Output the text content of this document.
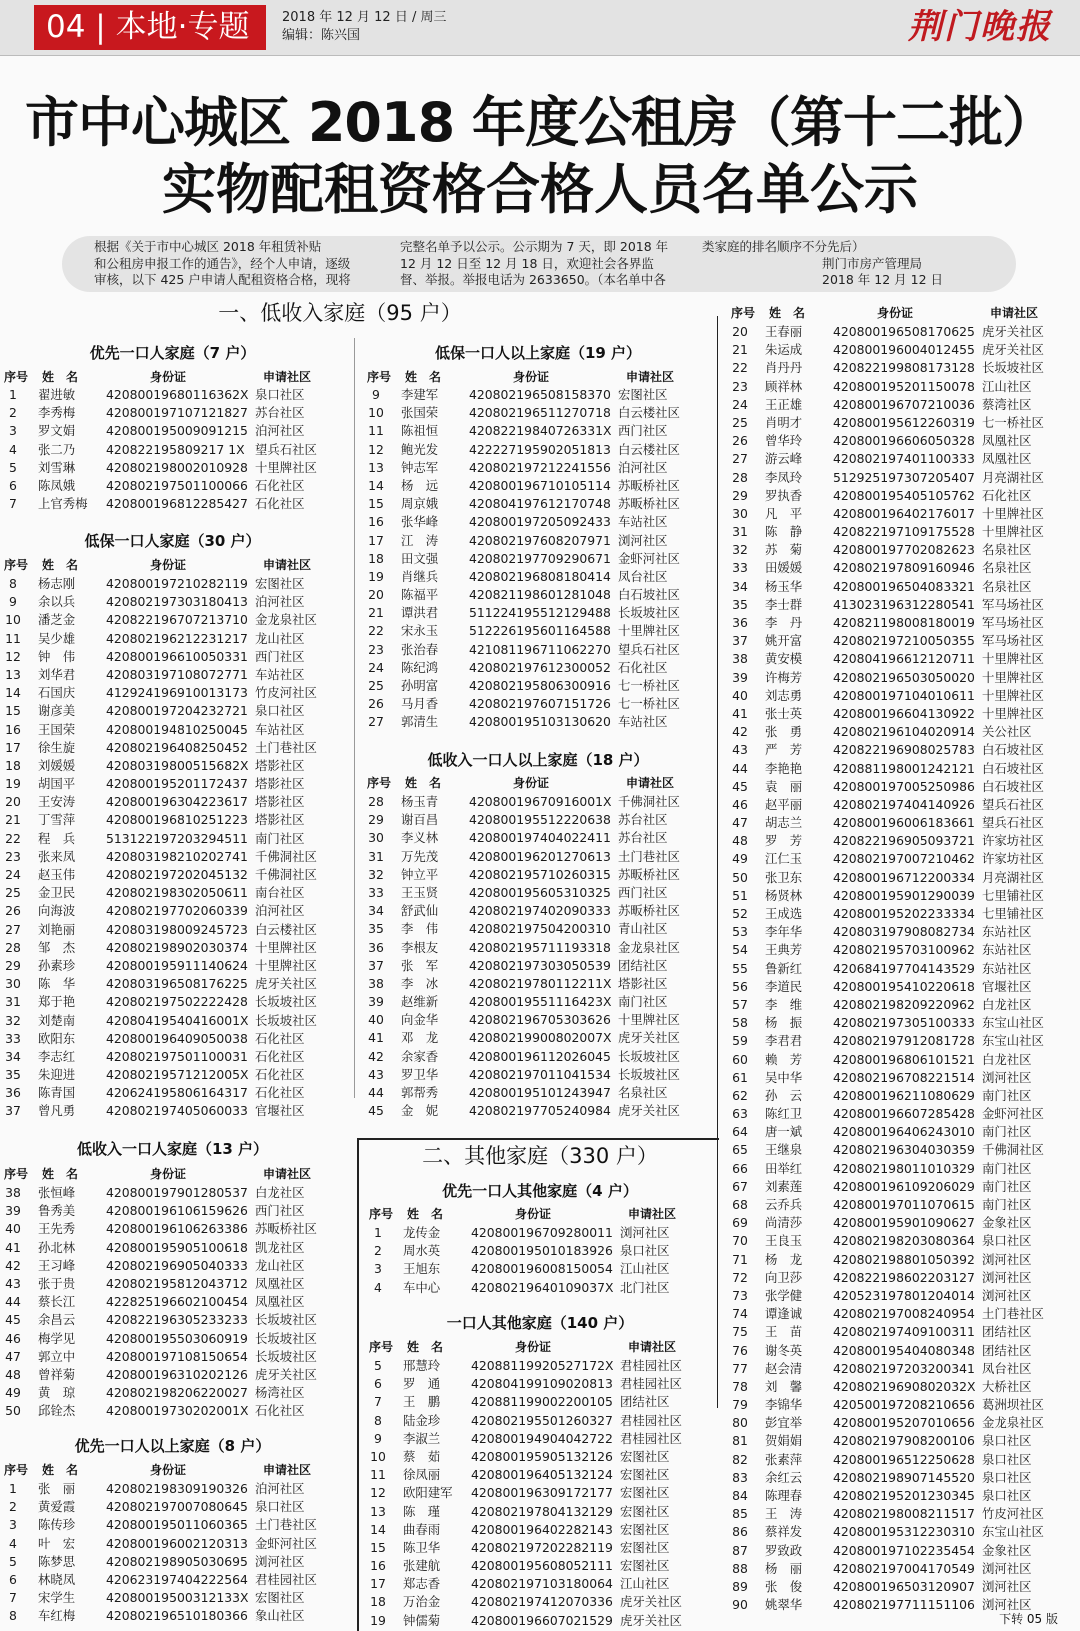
04 | 本地·专题	2018 年 12 月 12 日 / 周三
编辑：陈兴国	荆门晚报
市中心城区 2018 年度公租房（第十二批）
实物配租资格合格人员名单公示
根据《关于市中心城区 2018 年租赁补贴
和公租房申报工作的通告》，经个人申请，逐级
审核，以下 425 户申请人配租资格合格，现将
完整名单予以公示。公示期为 7 天，即 2018 年
12 月 12 日至 12 月 18 日，欢迎社会各界监
督、举报。举报电话为 2633650。（本名单中各
类家庭的排名顺序不分先后）
荆门市房产管理局
2018 年 12 月 12 日
一、低收入家庭（95 户）
二、其他家庭（330 户）
优先一口人家庭（7 户）
序号 姓　名	身份证	申请社区
1	翟进敏 42080019680116362X 泉口社区
2	李秀梅 420800197107121827 苏台社区
3	罗文娟 420800195009091215 泊河社区
4	张二乃 420822195809217 1X 望兵石社区
5	刘雪琳 420802198002010928 十里牌社区
6	陈凤娥 420802197501100066 石化社区
7	上官秀梅 420800196812285427 石化社区
低保一口人家庭（30 户）
序号 姓　名	身份证	申请社区
8	杨志刚 420800197210282119 宏图社区
9	余以兵 420802197303180413 泊河社区
10	潘芝金 420822196707213710 金龙泉社区
11	吴少雄 420802196212231217 龙山社区
12	钟　伟 420800196610050331 西门社区
13	刘华君 420803197108072771 车站社区
14	石国庆 412924196910013173 竹皮河社区
15	谢彦美 420800197204232721 泉口社区
16	王国荣 420800194810250045 车站社区
17	徐生旋 420802196408250452 土门巷社区
18	刘媛媛 42080319800515682X 塔影社区
19	胡国平 420800195201172437 塔影社区
20	王安涛 420800196304223617 塔影社区
21	丁雪萍 420800196810251223 塔影社区
22	程　兵 513122197203294511 南门社区
23	张来凤 420803198210202741 千佛洞社区
24	赵玉伟 420802197202045132 千佛洞社区
25	金卫民 420802198302050611 南台社区
26	向海波 420802197702060339 泊河社区
27	刘艳丽 420803198009245723 白云楼社区
28	邹　杰 420802198902030374 十里牌社区
29	孙素珍 420800195911140624 十里牌社区
30	陈　华 420803196508176225 虎牙关社区
31	郑于艳 420802197502222428 长坂坡社区
32	刘楚南 42080419540416001X 长坂坡社区
33	欧阳东 420800196409050038 石化社区
34	李志红 420802197501100031 石化社区
35	朱迎进 42080219571212005X 石化社区
36	陈青国 420624195806164317 石化社区
37	曾凡勇 420802197405060033 官堰社区
低收入一口人家庭（13 户）
序号 姓　名	身份证	申请社区
38	张恒峰 420800197901280537 白龙社区
39	鲁秀美 420800196106159626 西门社区
40	王先秀 420800196106263386 苏畈桥社区
41	孙北林 420800195905100618 凯龙社区
42	王习峰 420802196905040333 龙山社区
43	张于贵 420802195812043712 凤凰社区
44	蔡长江 422825196602100454 凤凰社区
45	余昌云 420822196305233233 长坂坡社区
46	梅学见 420800195503060919 长坂坡社区
47	郭立中 420800197108150654 长坂坡社区
48	曾祥菊 420800196310202126 虎牙关社区
49	黄　琼 420802198206220027 杨湾社区
50	邱铨杰 42080019730202001X 石化社区
优先一口人以上家庭（8 户）
序号 姓　名	身份证	申请社区
1	张　丽 420802198309190326 泊河社区
2	黄爱霞 420802197007080645 泉口社区
3	陈传珍 420800195011060365 土门巷社区
4	叶　宏 420800196002120313 金虾河社区
5	陈梦思 420802198905030695 浏河社区
6	林晓凤 420623197404222564 君桂园社区
7	宋学生 42080019500312133X 宏图社区
8	车红梅 420802196510180366 象山社区
低保一口人以上家庭（19 户）
序号 姓　名	身份证	申请社区
9	李建军 420802196508158370 宏图社区
10	张国荣 420802196511270718 白云楼社区
11	陈祖恒 42082219840726331X 西门社区
12	鲍光发 422227195902051813 白云楼社区
13	钟志军 420802197212241556 泊河社区
14	杨　远 420800196710105114 苏畈桥社区
15	周京娥 420804197612170748 苏畈桥社区
16	张华峰 420800197205092433 车站社区
17	江　涛 420802197608207971 浏河社区
18	田文强 420802197709290671 金虾河社区
19	肖继兵 420802196808180414 凤台社区
20	陈福平 420821198601281048 白石坡社区
21	谭洪君 511224195512129488 长坂坡社区
22	宋永玉 512226195601164588 十里牌社区
23	张治春 421081196711062270 望兵石社区
24	陈纪鸿 420802197612300052 石化社区
25	孙明富 420802195806300916 七一桥社区
26	马月香 420802197607151726 七一桥社区
27	郭清生 420800195103130620 车站社区
低收入一口人以上家庭（18 户）
序号 姓　名	身份证	申请社区
28	杨玉青 42080019670916001X 千佛洞社区
29	谢百昌 420800195512220638 苏台社区
30	李义林 420800197404022411 苏台社区
31	万先茂 420800196201270613 土门巷社区
32	钟立平 420802195710260315 苏畈桥社区
33	王玉贤 420800195605310325 西门社区
34	舒武仙 420802197402090333 苏畈桥社区
35	李　伟 420802197504200310 青山社区
36	李根友 420802195711193318 金龙泉社区
37	张　军 420802197303050539 团结社区
38	李　冰 42080219780112211X 塔影社区
39	赵维新 42080019551116423X 南门社区
40	向金华 420802196705303626 十里牌社区
41	邓　龙 42080219900802007X 虎牙关社区
42	余家香 420800196112026045 长坂坡社区
43	罗卫华 420802197011041534 长坂坡社区
44	郭帮秀 420800195101243947 名泉社区
45	金　妮 420802197705240984 虎牙关社区
优先一口人其他家庭（4 户）
序号 姓　名	身份证	申请社区
1	龙传金 420800196709280011 浏河社区
2	周水英 420800195010183926 泉口社区
3	王旭东 420800196008150054 江山社区
4	车中心 42080219640109037X 北门社区
一口人其他家庭（140 户）
序号 姓　名	身份证	申请社区
5	邢慧玲 42088119920527172X 君桂园社区
6	罗　通 420804199109020813 君桂园社区
7	王　鹏 420881199002200105 团结社区
8	陆金珍 420802195501260327 君桂园社区
9	李淑兰 420800194904042722 君桂园社区
10	蔡　茹 420800195905132126 宏图社区
11	徐凤丽 420800196405132124 宏图社区
12	欧阳建军 420800196309172177 宏图社区
13	陈　瑾 420802197804132129 宏图社区
14	曲春雨 420800196402282143 宏图社区
15	陈卫华 420802197202282119 宏图社区
16	张建航 420800195608052111 宏图社区
17	郑志香 420802197103180064 江山社区
18	万治金 420802197412070336 虎牙关社区
19	钟儒菊 420800196607021529 虎牙关社区
序号 姓　名	身份证	申请社区
20	王春丽 420800196508170625 虎牙关社区
21	朱运成 420800196004012455 虎牙关社区
22	肖丹丹 420822199808173128 长坂坡社区
23	顾祥林 420800195201150078 江山社区
24	王正雄 420800196707210036 蔡湾社区
25	肖明才 420800195612260319 七一桥社区
26	曾华玲 420800196606050328 凤凰社区
27	游云峰 420802197401100333 凤凰社区
28	李凤玲 512925197307205407 月亮湖社区
29	罗执香 420800195405105762 石化社区
30	凡　平 420800196402176017 十里牌社区
31	陈　静 420822197109175528 十里牌社区
32	苏　菊 420800197702082623 名泉社区
33	田媛媛 420802197809160946 名泉社区
34	杨玉华 420800196504083321 名泉社区
35	李士群 413023196312280541 军马场社区
36	李　丹 420821198008180019 军马场社区
37	姚开富 420802197210050355 军马场社区
38	黄安模 420804196612120711 十里牌社区
39	许梅芳 420802196503050020 十里牌社区
40	刘志勇 420800197104010611 十里牌社区
41	张士英 420800196604130922 十里牌社区
42	张　勇 420802196104020914 关公社区
43	严　芳 420822196908025783 白石坡社区
44	李艳艳 420881198001242121 白石坡社区
45	袁　丽 420800197005250986 白石坡社区
46	赵平丽 420802197404140926 望兵石社区
47	胡志兰 420800196006183661 望兵石社区
48	罗　芳 420822196905093721 许家坊社区
49	江仁玉 420802197007210462 许家坊社区
50	张卫东 420800196712200334 月亮湖社区
51	杨贤林 420800195901290039 七里铺社区
52	王成选 420800195202233334 七里铺社区
53	李年华 420803197908082734 东站社区
54	王典芳 420802195703100962 东站社区
55	鲁新红 420684197704143529 东站社区
56	李道民 420800195410220618 官堰社区
57	李　维 420802198209220962 白龙社区
58	杨　振 420802197305100333 东宝山社区
59	李君君 420802197912081728 东宝山社区
60	赖　芳 420800196806101521 白龙社区
61	吴中华 420802196708221514 浏河社区
62	孙　云 420800196211080629 南门社区
63	陈红卫 420800196607285428 金虾河社区
64	唐一斌 420800196406243010 南门社区
65	王继泉 420802196304030359 千佛洞社区
66	田举红 420802198011010329 南门社区
67	刘素莲 420800196109206029 南门社区
68	云乔兵 420800197011070615 南门社区
69	尚清莎 420800195901090627 金象社区
70	王良玉 420802198203080364 泉口社区
71	杨　龙 420802198801050392 浏河社区
72	向卫莎 420822198602203127 浏河社区
73	张学健 420523197801204014 浏河社区
74	谭逢诚 420802197008240954 土门巷社区
75	王　苗 420802197409100311 团结社区
76	谢冬英 420800195404080348 团结社区
77	赵会清 420802197203200341 凤台社区
78	刘　馨 42080219690802032X 大桥社区
79	李锦华 420500197208210656 葛洲坝社区
80	彭宜举 420800195207010656 金龙泉社区
81	贺娟娟 420802197908200106 泉口社区
82	张素萍 420800196512250628 泉口社区
83	余红云 420802198907145520 泉口社区
84	陈理春 420802195201230345 泉口社区
85	王　涛 420802198008211517 竹皮河社区
86	蔡祥发 420800195312230310 东宝山社区
87	罗致政 420800197102235454 金象社区
88	杨　丽 420802197004170549 浏河社区
89	张　俊 420800196503120907 浏河社区
90	姚翠华 420802197711151106 浏河社区
下转 05 版
